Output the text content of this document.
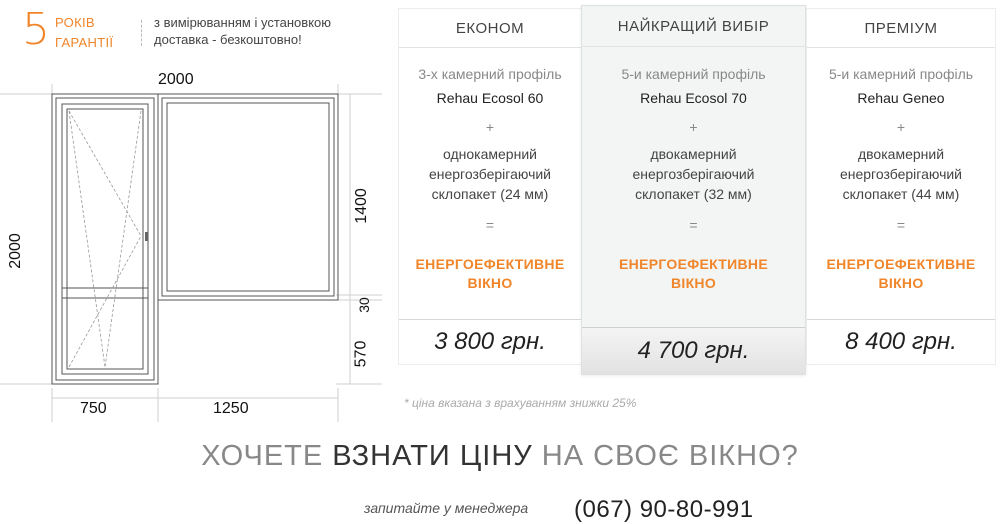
5 РОКІВ
ГАРАНТІЇ
з вимірюванням і установкою
доставка - безкоштовно!
2000
2000
1400
30
570
750	1250
ЕКОНОМ
3-х камерний профіль
Rehau Ecosol 60
+
однокамерний
енергозберігаючий
склопакет (24 мм)
=
ЕНЕРГОЕФЕКТИВНЕ
ВІКНО
3 800 грн.
НАЙКРАЩИЙ ВИБІР
5-и камерний профіль
Rehau Ecosol 70
+
двокамерний
енергозберігаючий
склопакет (32 мм)
=
ЕНЕРГОЕФЕКТИВНЕ
ВІКНО
4 700 грн.
ПРЕМІУМ
5-и камерний профіль
Rehau Geneo
+
двокамерний
енергозберігаючий
склопакет (44 мм)
=
ЕНЕРГОЕФЕКТИВНЕ
ВІКНО
8 400 грн.
* ціна вказана з врахуванням знижки 25%
ХОЧЕТЕ ВЗНАТИ ЦІНУ НА СВОЄ ВІКНО?
запитайте у менеджера (067) 90-80-991
